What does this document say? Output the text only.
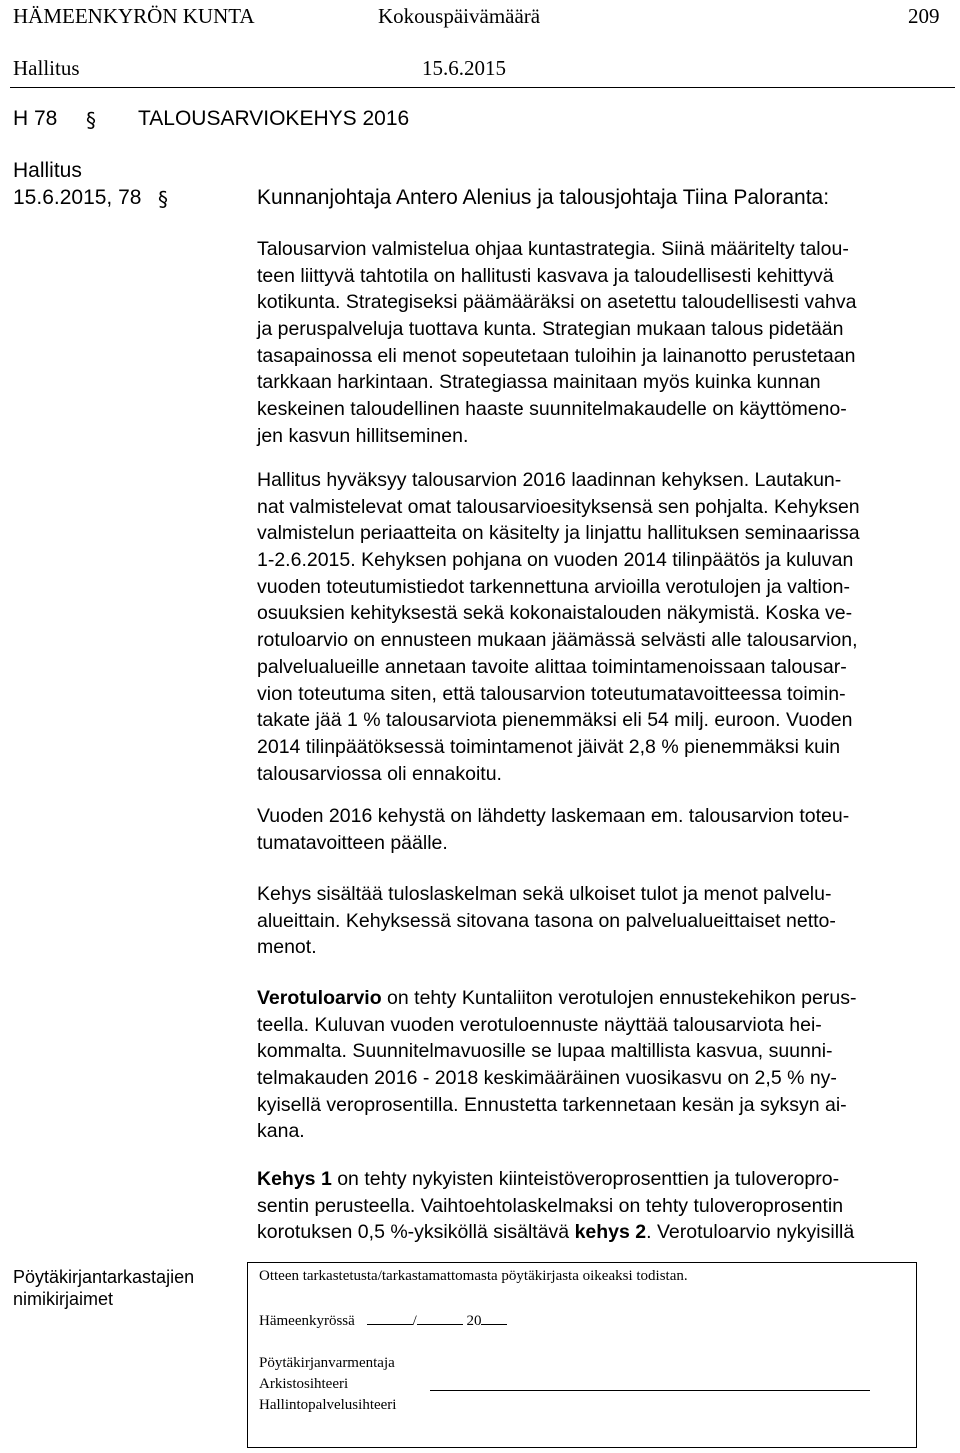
HÄMEENKYRÖN KUNTA	Kokouspäivämäärä	209
Hallitus	15.6.2015
H 78 § TALOUSARVIOKEHYS 2016
Hallitus
15.6.2015, 78 §	Kunnanjohtaja Antero Alenius ja talousjohtaja Tiina Paloranta:
Talousarvion valmistelua ohjaa kuntastrategia. Siinä määritelty talou-
teen liittyvä tahtotila on hallitusti kasvava ja taloudellisesti kehittyvä
kotikunta. Strategiseksi päämääräksi on asetettu taloudellisesti vahva
ja peruspalveluja tuottava kunta. Strategian mukaan talous pidetään
tasapainossa eli menot sopeutetaan tuloihin ja lainanotto perustetaan
tarkkaan harkintaan. Strategiassa mainitaan myös kuinka kunnan
keskeinen taloudellinen haaste suunnitelmakaudelle on käyttömeno-
jen kasvun hillitseminen.
Hallitus hyväksyy talousarvion 2016 laadinnan kehyksen. Lautakun-
nat valmistelevat omat talousarvioesityksensä sen pohjalta. Kehyksen
valmistelun periaatteita on käsitelty ja linjattu hallituksen seminaarissa
1-2.6.2015. Kehyksen pohjana on vuoden 2014 tilinpäätös ja kuluvan
vuoden toteutumistiedot tarkennettuna arvioilla verotulojen ja valtion-
osuuksien kehityksestä sekä kokonaistalouden näkymistä. Koska ve-
rotuloarvio on ennusteen mukaan jäämässä selvästi alle talousarvion,
palvelualueille annetaan tavoite alittaa toimintamenoissaan talousar-
vion toteutuma siten, että talousarvion toteutumatavoitteessa toimin-
takate jää 1 % talousarviota pienemmäksi eli 54 milj. euroon. Vuoden
2014 tilinpäätöksessä toimintamenot jäivät 2,8 % pienemmäksi kuin
talousarviossa oli ennakoitu.
Vuoden 2016 kehystä on lähdetty laskemaan em. talousarvion toteu-
tumatavoitteen päälle.
Kehys sisältää tuloslaskelman sekä ulkoiset tulot ja menot palvelu-
alueittain. Kehyksessä sitovana tasona on palvelualueittaiset netto-
menot.
Verotuloarvio on tehty Kuntaliiton verotulojen ennustekehikon perus-
teella. Kuluvan vuoden verotuloennuste näyttää talousarviota hei-
kommalta. Suunnitelmavuosille se lupaa maltillista kasvua, suunni-
telmakauden 2016 - 2018 keskimääräinen vuosikasvu on 2,5 % ny-
kyisellä veroprosentilla. Ennustetta tarkennetaan kesän ja syksyn ai-
kana.
Kehys 1 on tehty nykyisten kiinteistöveroprosenttien ja tuloveropro-
sentin perusteella. Vaihtoehtolaskelmaksi on tehty tuloveroprosentin
korotuksen 0,5 %-yksiköllä sisältävä kehys 2. Verotuloarvio nykyisillä
Pöytäkirjantarkastajien
nimikirjaimet
Otteen tarkastetusta/tarkastamattomasta pöytäkirjasta oikeaksi todistan.
Hämeenkyrössä	/	20
Pöytäkirjanvarmentaja
Arkistosihteeri
Hallintopalvelusihteeri
